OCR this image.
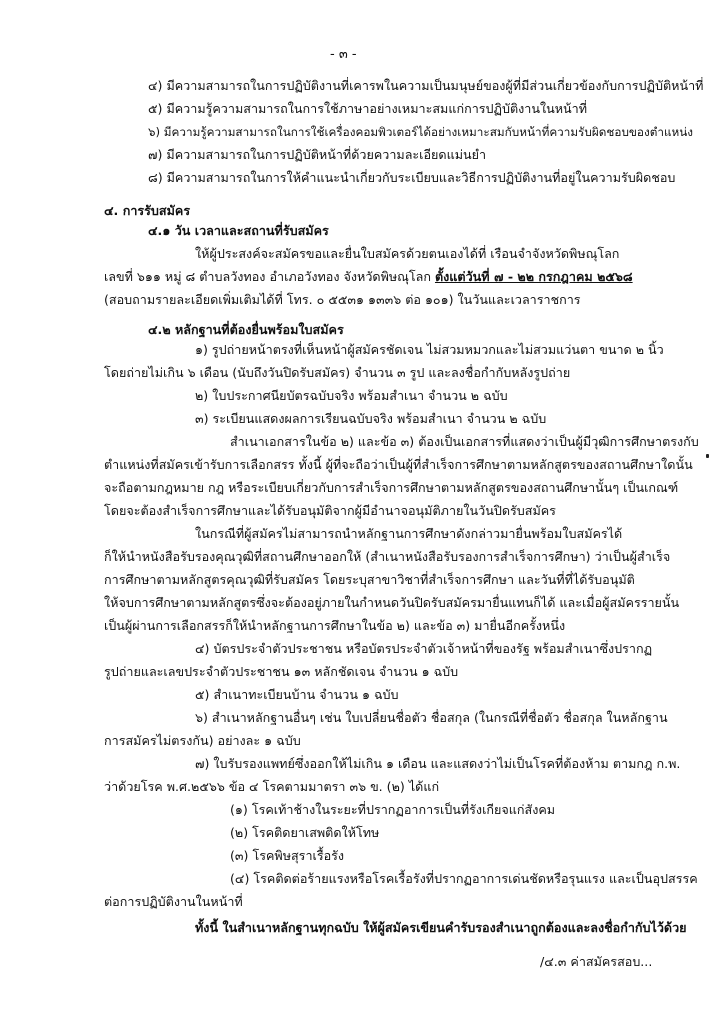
- ๓ -
๔) มีความสามารถในการปฏิบัติงานที่เคารพในความเป็นมนุษย์ของผู้ที่มีส่วนเกี่ยวข้องกับการปฏิบัติหน้าที่
๕) มีความรู้ความสามารถในการใช้ภาษาอย่างเหมาะสมแก่การปฏิบัติงานในหน้าที่
๖) มีความรู้ความสามารถในการใช้เครื่องคอมพิวเตอร์ได้อย่างเหมาะสมกับหน้าที่ความรับผิดชอบของตำแหน่ง
๗) มีความสามารถในการปฏิบัติหน้าที่ด้วยความละเอียดแม่นยำ
๘) มีความสามารถในการให้คำแนะนำเกี่ยวกับระเบียบและวิธีการปฏิบัติงานที่อยู่ในความรับผิดชอบ
๔. การรับสมัคร
๔.๑ วัน เวลาและสถานที่รับสมัคร
ให้ผู้ประสงค์จะสมัครขอและยื่นใบสมัครด้วยตนเองได้ที่ เรือนจำจังหวัดพิษณุโลก
เลขที่ ๖๑๑ หมู่ ๘ ตำบลวังทอง อำเภอวังทอง จังหวัดพิษณุโลก ตั้งแต่วันที่ ๗ - ๒๒ กรกฎาคม ๒๕๖๘
(สอบถามรายละเอียดเพิ่มเติมได้ที่ โทร. ๐ ๕๕๓๑ ๑๓๓๖ ต่อ ๑๐๑) ในวันและเวลาราชการ
๔.๒ หลักฐานที่ต้องยื่นพร้อมใบสมัคร
๑) รูปถ่ายหน้าตรงที่เห็นหน้าผู้สมัครชัดเจน ไม่สวมหมวกและไม่สวมแว่นตา ขนาด ๒ นิ้ว
โดยถ่ายไม่เกิน ๖ เดือน (นับถึงวันปิดรับสมัคร) จำนวน ๓ รูป และลงชื่อกำกับหลังรูปถ่าย
๒) ใบประกาศนียบัตรฉบับจริง พร้อมสำเนา จำนวน ๒ ฉบับ
๓) ระเบียนแสดงผลการเรียนฉบับจริง พร้อมสำเนา จำนวน ๒ ฉบับ
สำเนาเอกสารในข้อ ๒) และข้อ ๓) ต้องเป็นเอกสารที่แสดงว่าเป็นผู้มีวุฒิการศึกษาตรงกับ
ตำแหน่งที่สมัครเข้ารับการเลือกสรร ทั้งนี้ ผู้ที่จะถือว่าเป็นผู้ที่สำเร็จการศึกษาตามหลักสูตรของสถานศึกษาใดนั้น
จะถือตามกฎหมาย กฎ หรือระเบียบเกี่ยวกับการสำเร็จการศึกษาตามหลักสูตรของสถานศึกษานั้นๆ เป็นเกณฑ์
โดยจะต้องสำเร็จการศึกษาและได้รับอนุมัติจากผู้มีอำนาจอนุมัติภายในวันปิดรับสมัคร
ในกรณีที่ผู้สมัครไม่สามารถนำหลักฐานการศึกษาดังกล่าวมายื่นพร้อมใบสมัครได้
ก็ให้นำหนังสือรับรองคุณวุฒิที่สถานศึกษาออกให้ (สำเนาหนังสือรับรองการสำเร็จการศึกษา) ว่าเป็นผู้สำเร็จ
การศึกษาตามหลักสูตรคุณวุฒิที่รับสมัคร โดยระบุสาขาวิชาที่สำเร็จการศึกษา และวันที่ที่ได้รับอนุมัติ
ให้จบการศึกษาตามหลักสูตรซึ่งจะต้องอยู่ภายในกำหนดวันปิดรับสมัครมายื่นแทนก็ได้ และเมื่อผู้สมัครรายนั้น
เป็นผู้ผ่านการเลือกสรรก็ให้นำหลักฐานการศึกษาในข้อ ๒) และข้อ ๓) มายื่นอีกครั้งหนึ่ง
๔) บัตรประจำตัวประชาชน หรือบัตรประจำตัวเจ้าหน้าที่ของรัฐ พร้อมสำเนาซึ่งปรากฏ
รูปถ่ายและเลขประจำตัวประชาชน ๑๓ หลักชัดเจน จำนวน ๑ ฉบับ
๕) สำเนาทะเบียนบ้าน จำนวน ๑ ฉบับ
๖) สำเนาหลักฐานอื่นๆ เช่น ใบเปลี่ยนชื่อตัว ชื่อสกุล (ในกรณีที่ชื่อตัว ชื่อสกุล ในหลักฐาน
การสมัครไม่ตรงกัน) อย่างละ ๑ ฉบับ
๗) ใบรับรองแพทย์ซึ่งออกให้ไม่เกิน ๑ เดือน และแสดงว่าไม่เป็นโรคที่ต้องห้าม ตามกฎ ก.พ.
ว่าด้วยโรค พ.ศ.๒๕๖๖ ข้อ ๔ โรคตามมาตรา ๓๖ ข. (๒) ได้แก่
(๑) โรคเท้าช้างในระยะที่ปรากฏอาการเป็นที่รังเกียจแก่สังคม
(๒) โรคติดยาเสพติดให้โทษ
(๓) โรคพิษสุราเรื้อรัง
(๔) โรคติดต่อร้ายแรงหรือโรคเรื้อรังที่ปรากฏอาการเด่นชัดหรือรุนแรง และเป็นอุปสรรค
ต่อการปฏิบัติงานในหน้าที่
ทั้งนี้ ในสำเนาหลักฐานทุกฉบับ ให้ผู้สมัครเขียนคำรับรองสำเนาถูกต้องและลงชื่อกำกับไว้ด้วย
/๔.๓ ค่าสมัครสอบ...
